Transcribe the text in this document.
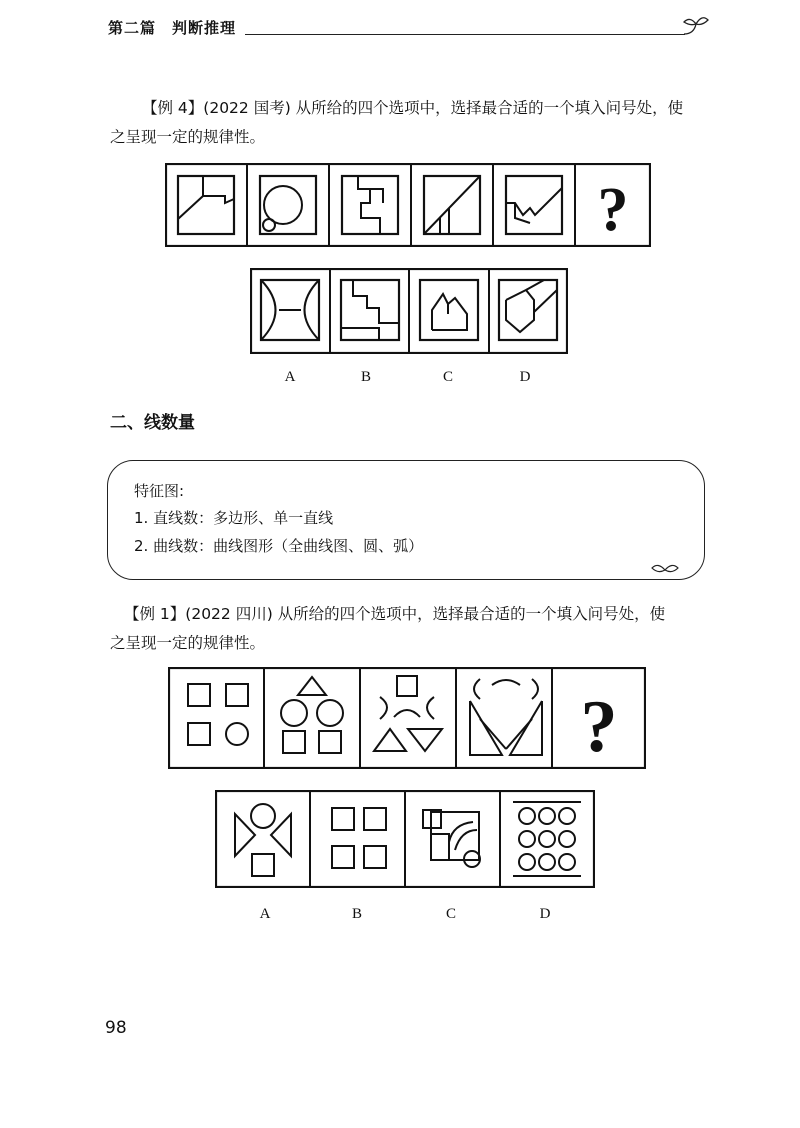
第二篇　判断推理
【例 4】(2022 国考) 从所给的四个选项中，选择最合适的一个填入问号处，使
之呈现一定的规律性。
?
A	B	C	D
二、线数量
特征图:
1. 直线数：多边形、单一直线
2. 曲线数：曲线图形（全曲线图、圆、弧）
【例 1】(2022 四川) 从所给的四个选项中，选择最合适的一个填入问号处，使
之呈现一定的规律性。
?
A	B	C	D
98
